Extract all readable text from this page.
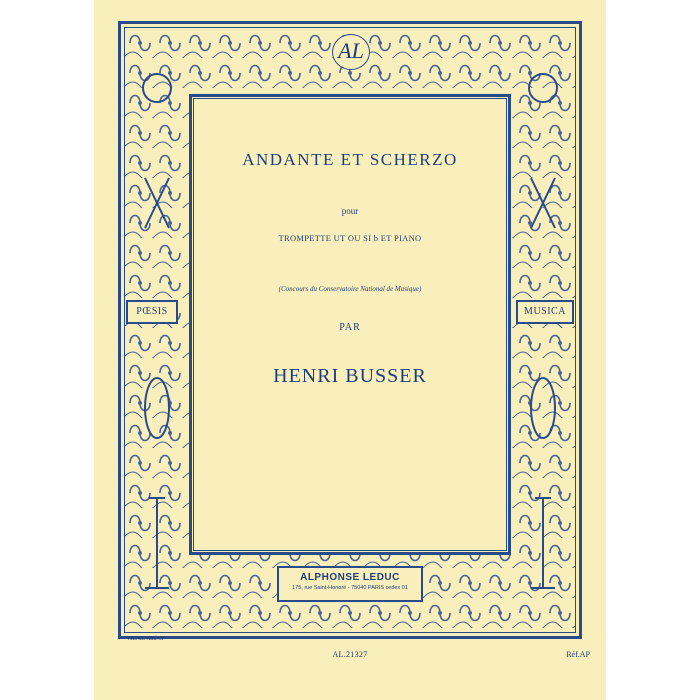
AL
PŒSIS	MUSICA
ANDANTE ET SCHERZO
pour
TROMPETTE UT OU SI b ET PIANO
(Concours du Conservatoire National de Musique)
PAR
HENRI BUSSER
ALPHONSE LEDUC
175, rue Saint-Honoré - 75040 PARIS cedex 01
Marius Audrot
AL.21327	Réf.AP
